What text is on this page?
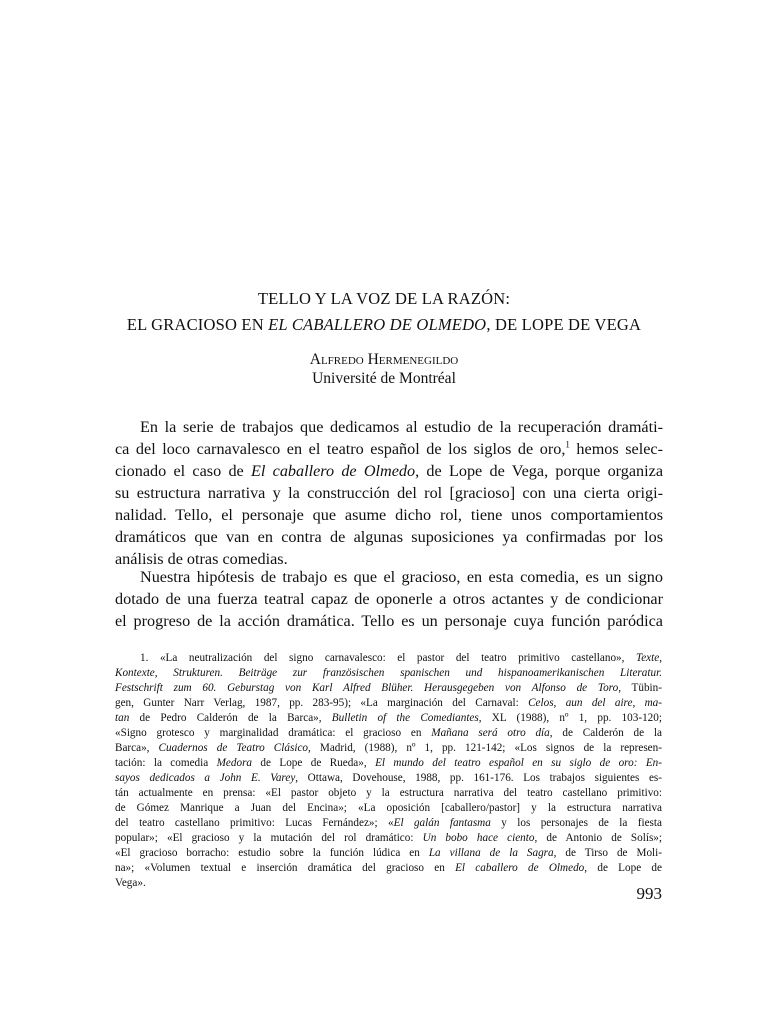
TELLO Y LA VOZ DE LA RAZÓN:
EL GRACIOSO EN EL CABALLERO DE OLMEDO, DE LOPE DE VEGA
Alfredo Hermenegildo
Université de Montréal
En la serie de trabajos que dedicamos al estudio de la recuperación dramáti-
ca del loco carnavalesco en el teatro español de los siglos de oro,$^1$ hemos selec-
cionado el caso de El caballero de Olmedo, de Lope de Vega, porque organiza
su estructura narrativa y la construcción del rol [gracioso] con una cierta origi-
nalidad. Tello, el personaje que asume dicho rol, tiene unos comportamientos
dramáticos que van en contra de algunas suposiciones ya confirmadas por los
análisis de otras comedias.
Nuestra hipótesis de trabajo es que el gracioso, en esta comedia, es un signo
dotado de una fuerza teatral capaz de oponerle a otros actantes y de condicionar
el progreso de la acción dramática. Tello es un personaje cuya función paródica
1. «La neutralización del signo carnavalesco: el pastor del teatro primitivo castellano», Texte,
Kontexte, Strukturen. Beiträge zur französischen spanischen und hispanoamerikanischen Literatur.
Festschrift zum 60. Geburstag von Karl Alfred Blüher. Herausgegeben von Alfonso de Toro, Tübin-
gen, Gunter Narr Verlag, 1987, pp. 283-95); «La marginación del Carnaval: Celos, aun del aire, ma-
tan de Pedro Calderón de la Barca», Bulletin of the Comediantes, XL (1988), nº 1, pp. 103-120;
«Signo grotesco y marginalidad dramática: el gracioso en Mañana será otro día, de Calderón de la
Barca», Cuadernos de Teatro Clásico, Madrid, (1988), nº 1, pp. 121-142; «Los signos de la represen-
tación: la comedia Medora de Lope de Rueda», El mundo del teatro español en su siglo de oro: En-
sayos dedicados a John E. Varey, Ottawa, Dovehouse, 1988, pp. 161-176. Los trabajos siguientes es-
tán actualmente en prensa: «El pastor objeto y la estructura narrativa del teatro castellano primitivo:
de Gómez Manrique a Juan del Encina»; «La oposición [caballero/pastor] y la estructura narrativa
del teatro castellano primitivo: Lucas Fernández»; «El galán fantasma y los personajes de la fiesta
popular»; «El gracioso y la mutación del rol dramático: Un bobo hace ciento, de Antonio de Solís»;
«El gracioso borracho: estudio sobre la función lúdica en La villana de la Sagra, de Tirso de Moli-
na»; «Volumen textual e inserción dramática del gracioso en El caballero de Olmedo, de Lope de
Vega».
993
